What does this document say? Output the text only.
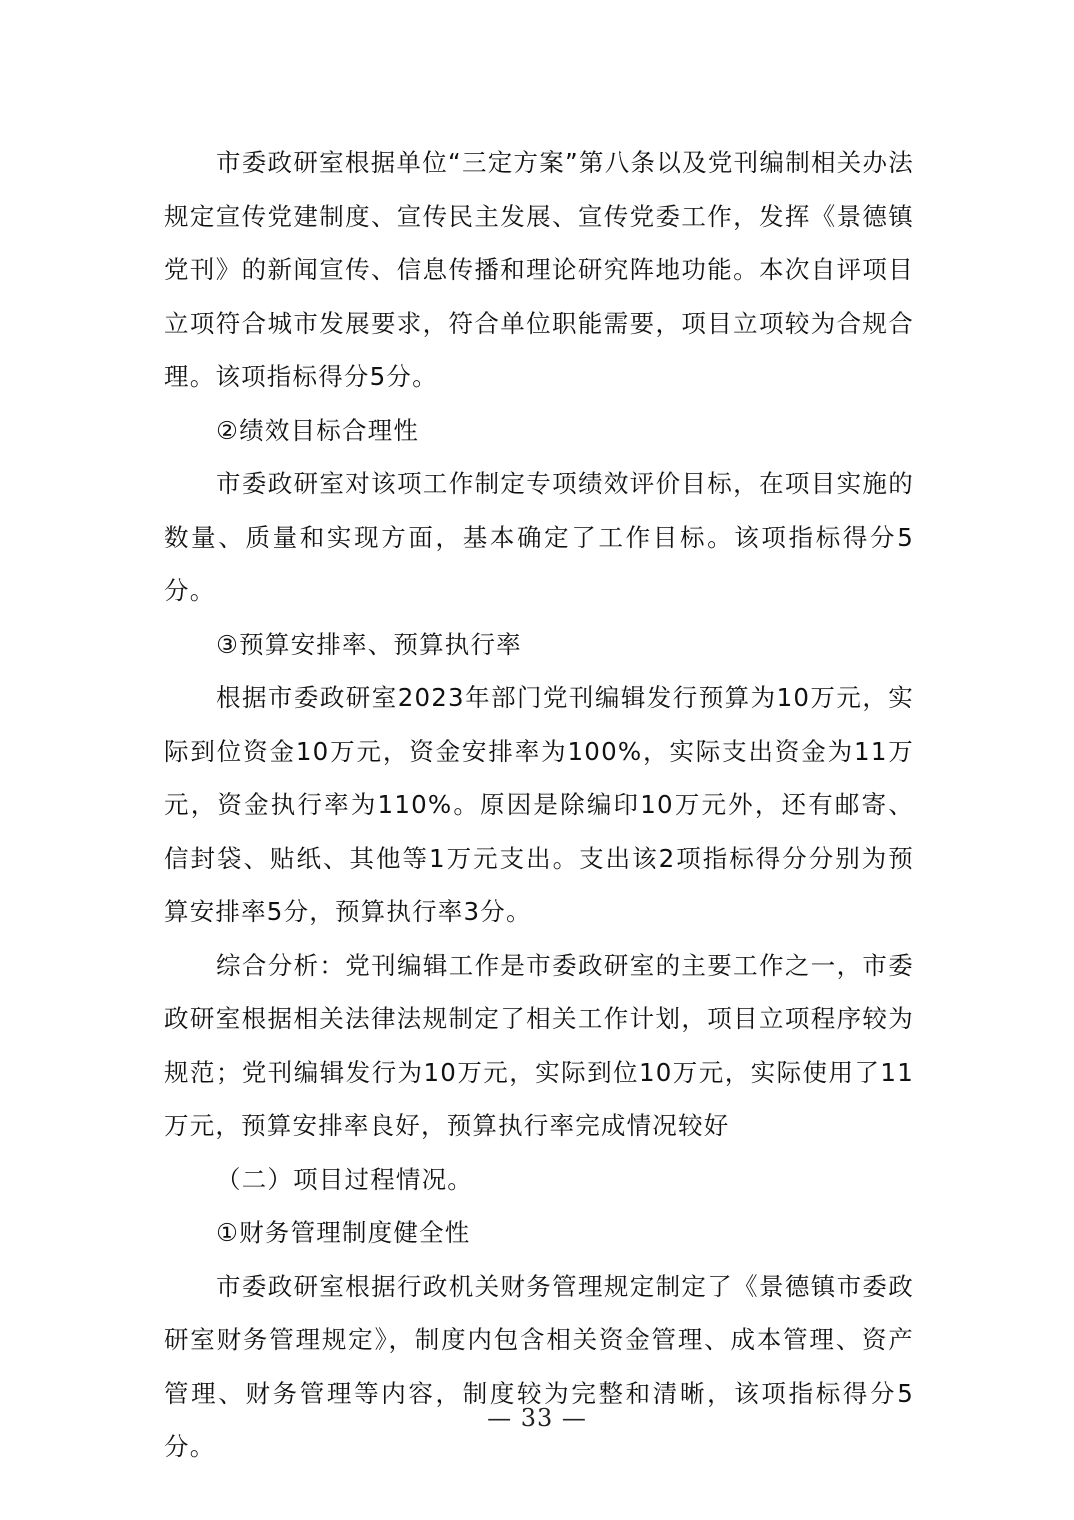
市委政研室根据单位“三定方案”第八条以及党刊编制相关办法规定宣传党建制度、宣传民主发展、宣传党委工作，发挥《景德镇党刊》的新闻宣传、信息传播和理论研究阵地功能。本次自评项目立项符合城市发展要求，符合单位职能需要，项目立项较为合规合理。该项指标得分5分。

②绩效目标合理性

市委政研室对该项工作制定专项绩效评价目标，在项目实施的数量、质量和实现方面，基本确定了工作目标。该项指标得分5分。

③预算安排率、预算执行率

根据市委政研室2023年部门党刊编辑发行预算为10万元，实际到位资金10万元，资金安排率为100%，实际支出资金为11万元，资金执行率为110%。原因是除编印10万元外，还有邮寄、信封袋、贴纸、其他等1万元支出。支出该2项指标得分分别为预算安排率5分，预算执行率3分。

综合分析：党刊编辑工作是市委政研室的主要工作之一，市委政研室根据相关法律法规制定了相关工作计划，项目立项程序较为规范；党刊编辑发行为10万元，实际到位10万元，实际使用了11万元，预算安排率良好，预算执行率完成情况较好

（二）项目过程情况。

①财务管理制度健全性

市委政研室根据行政机关财务管理规定制定了《景德镇市委政研室财务管理规定》，制度内包含相关资金管理、成本管理、资产管理、财务管理等内容，制度较为完整和清晰，该项指标得分5分。

— 33 —
